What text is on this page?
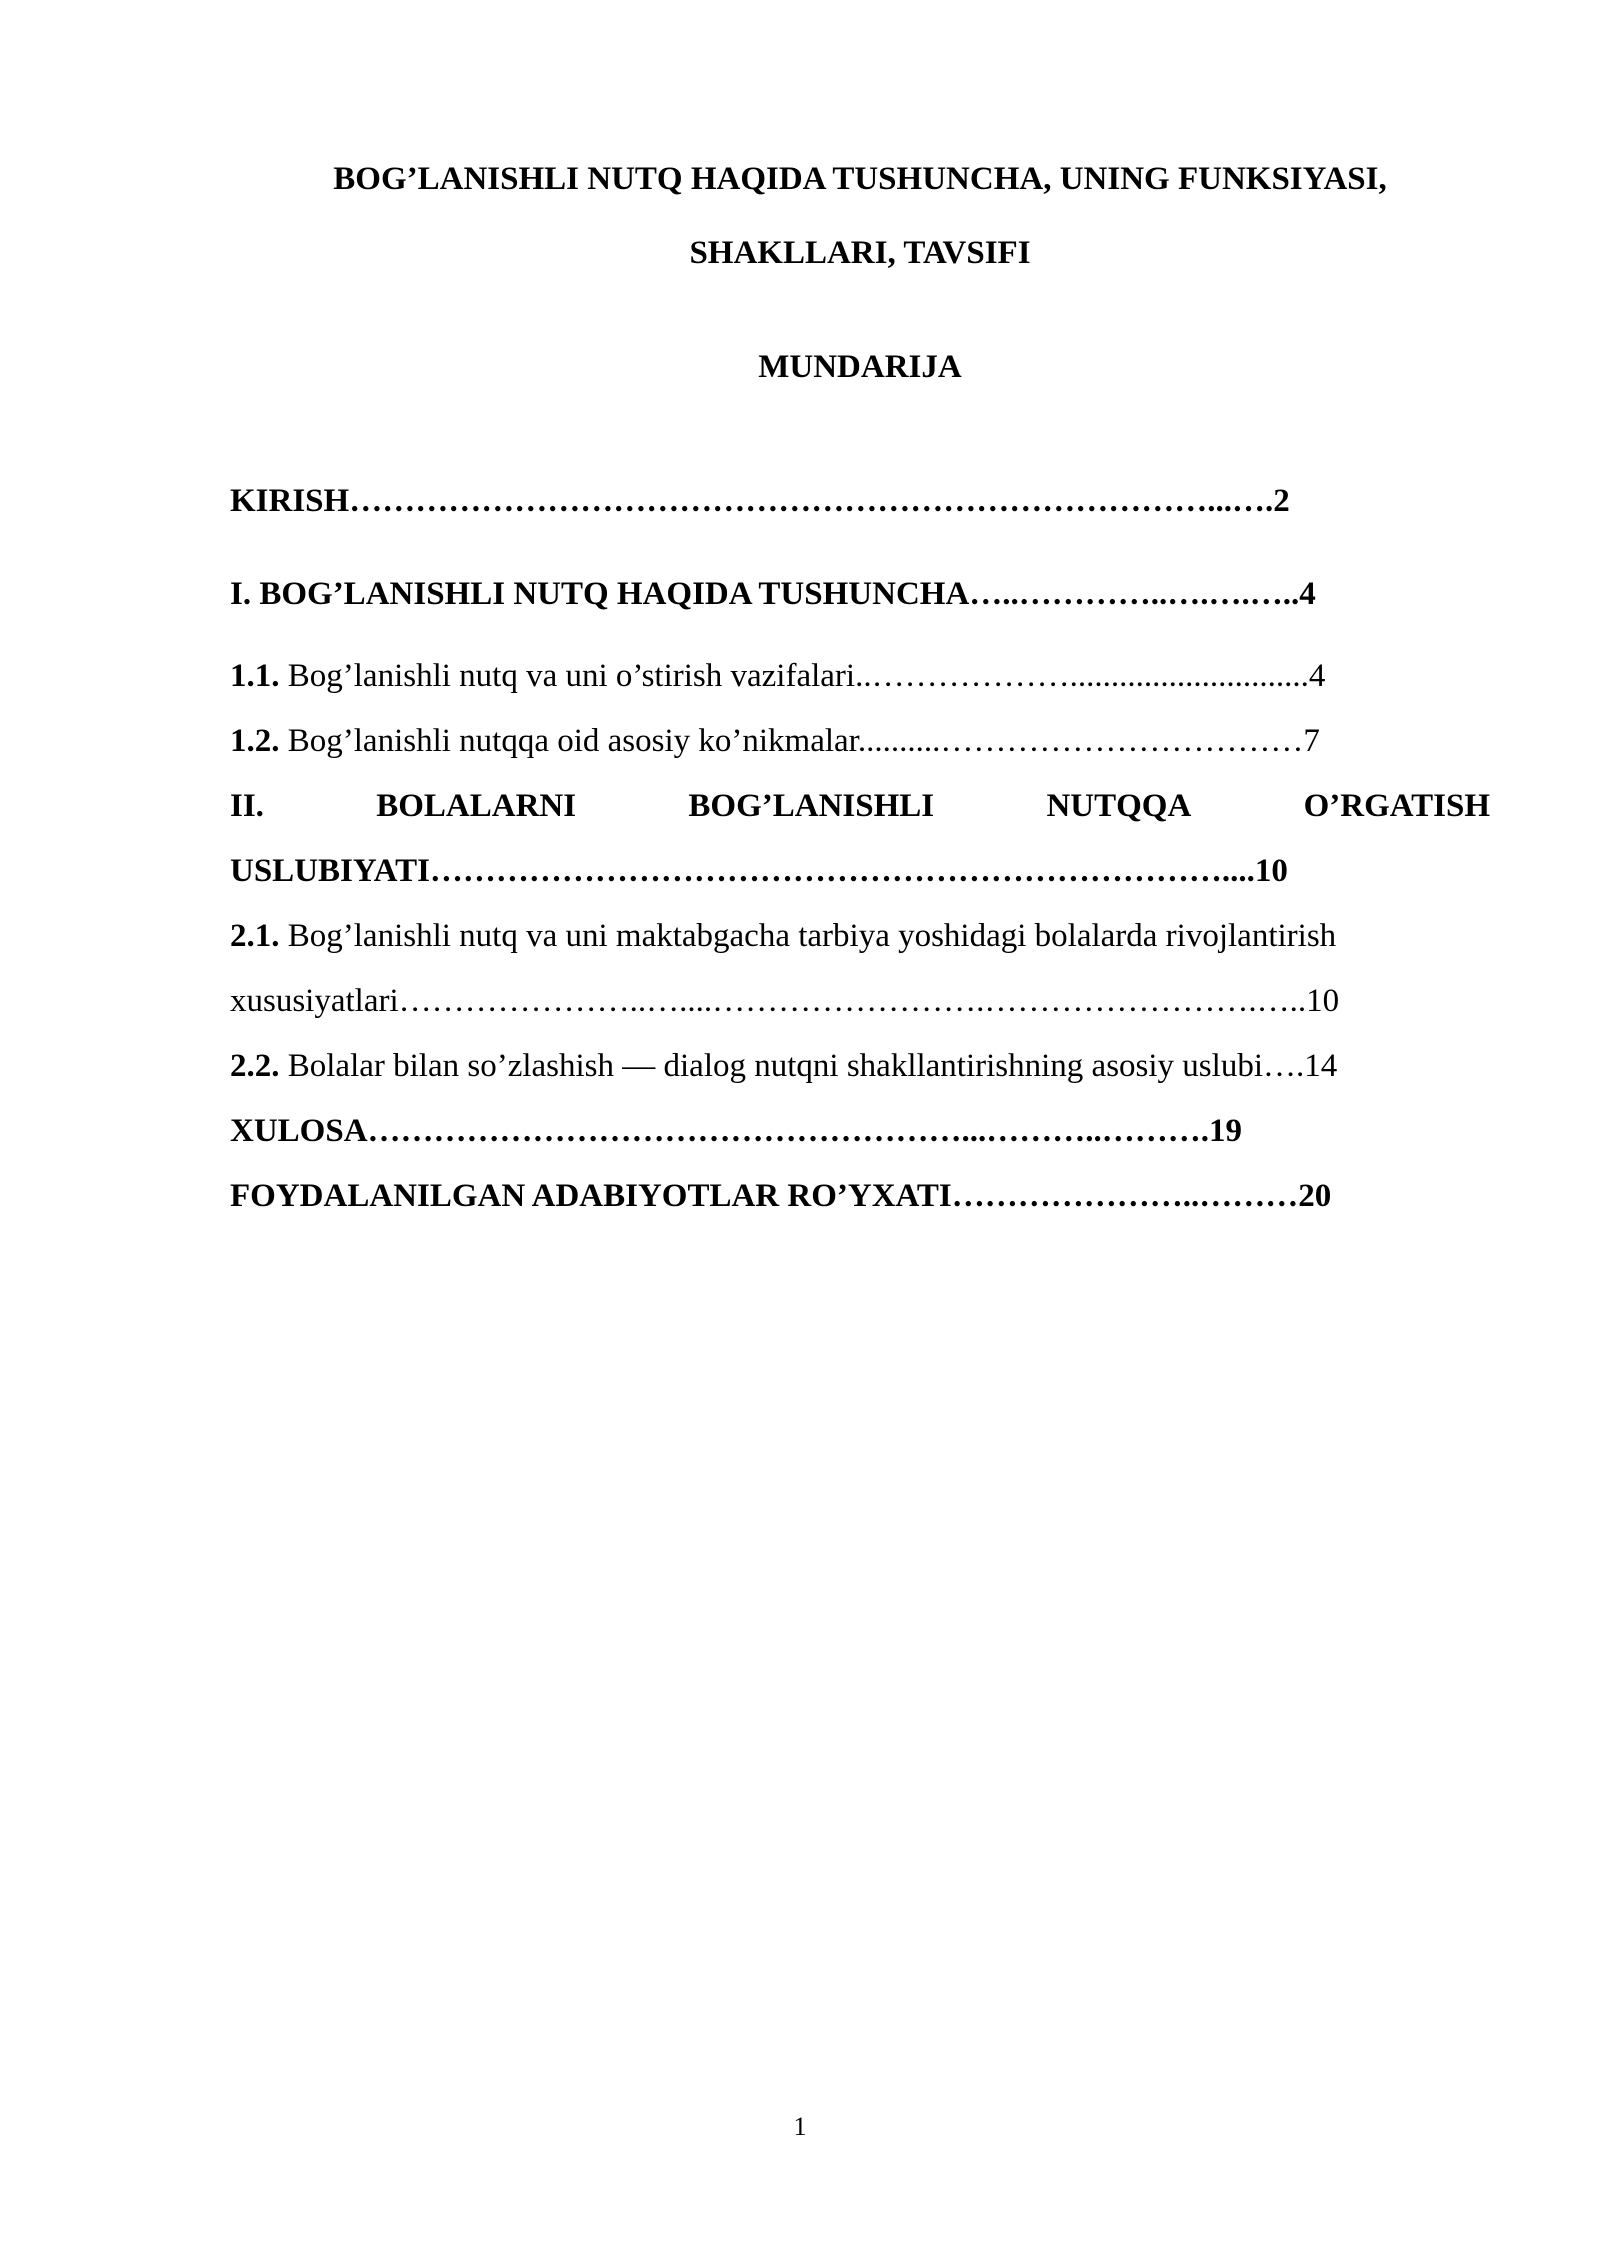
BOG’LANISHLI NUTQ HAQIDA TUSHUNCHA, UNING FUNKSIYASI,
SHAKLLARI, TAVSIFI
MUNDARIJA
KIRISH……………………………………………………………………...….2
I. BOG’LANISHLI NUTQ HAQIDA TUSHUNCHA…..…………..….….…..4
1.1. Bog’lanishli nutq va uni o’stirish vazifalari..……………….............................4
1.2. Bog’lanishli nutqqa oid asosiy ko’nikmalar..........……………………………7
II.	BOLALARNI	BOG’LANISHLI	NUTQQA	O’RGATISH
USLUBIYATI………………………………………………………………....10
2.1. Bog’lanishli nutq va uni maktabgacha tarbiya yoshidagi bolalarda rivojlantirish
xususiyatlari…………………..…....…………………….…………………….…..10
2.2. Bolalar bilan so’zlashish — dialog nutqni shakllantirishning asosiy uslubi….14
XULOSA………………………………………………...………..……….19
FOYDALANILGAN ADABIYOTLAR RO’YXATI…………………..………20
1
